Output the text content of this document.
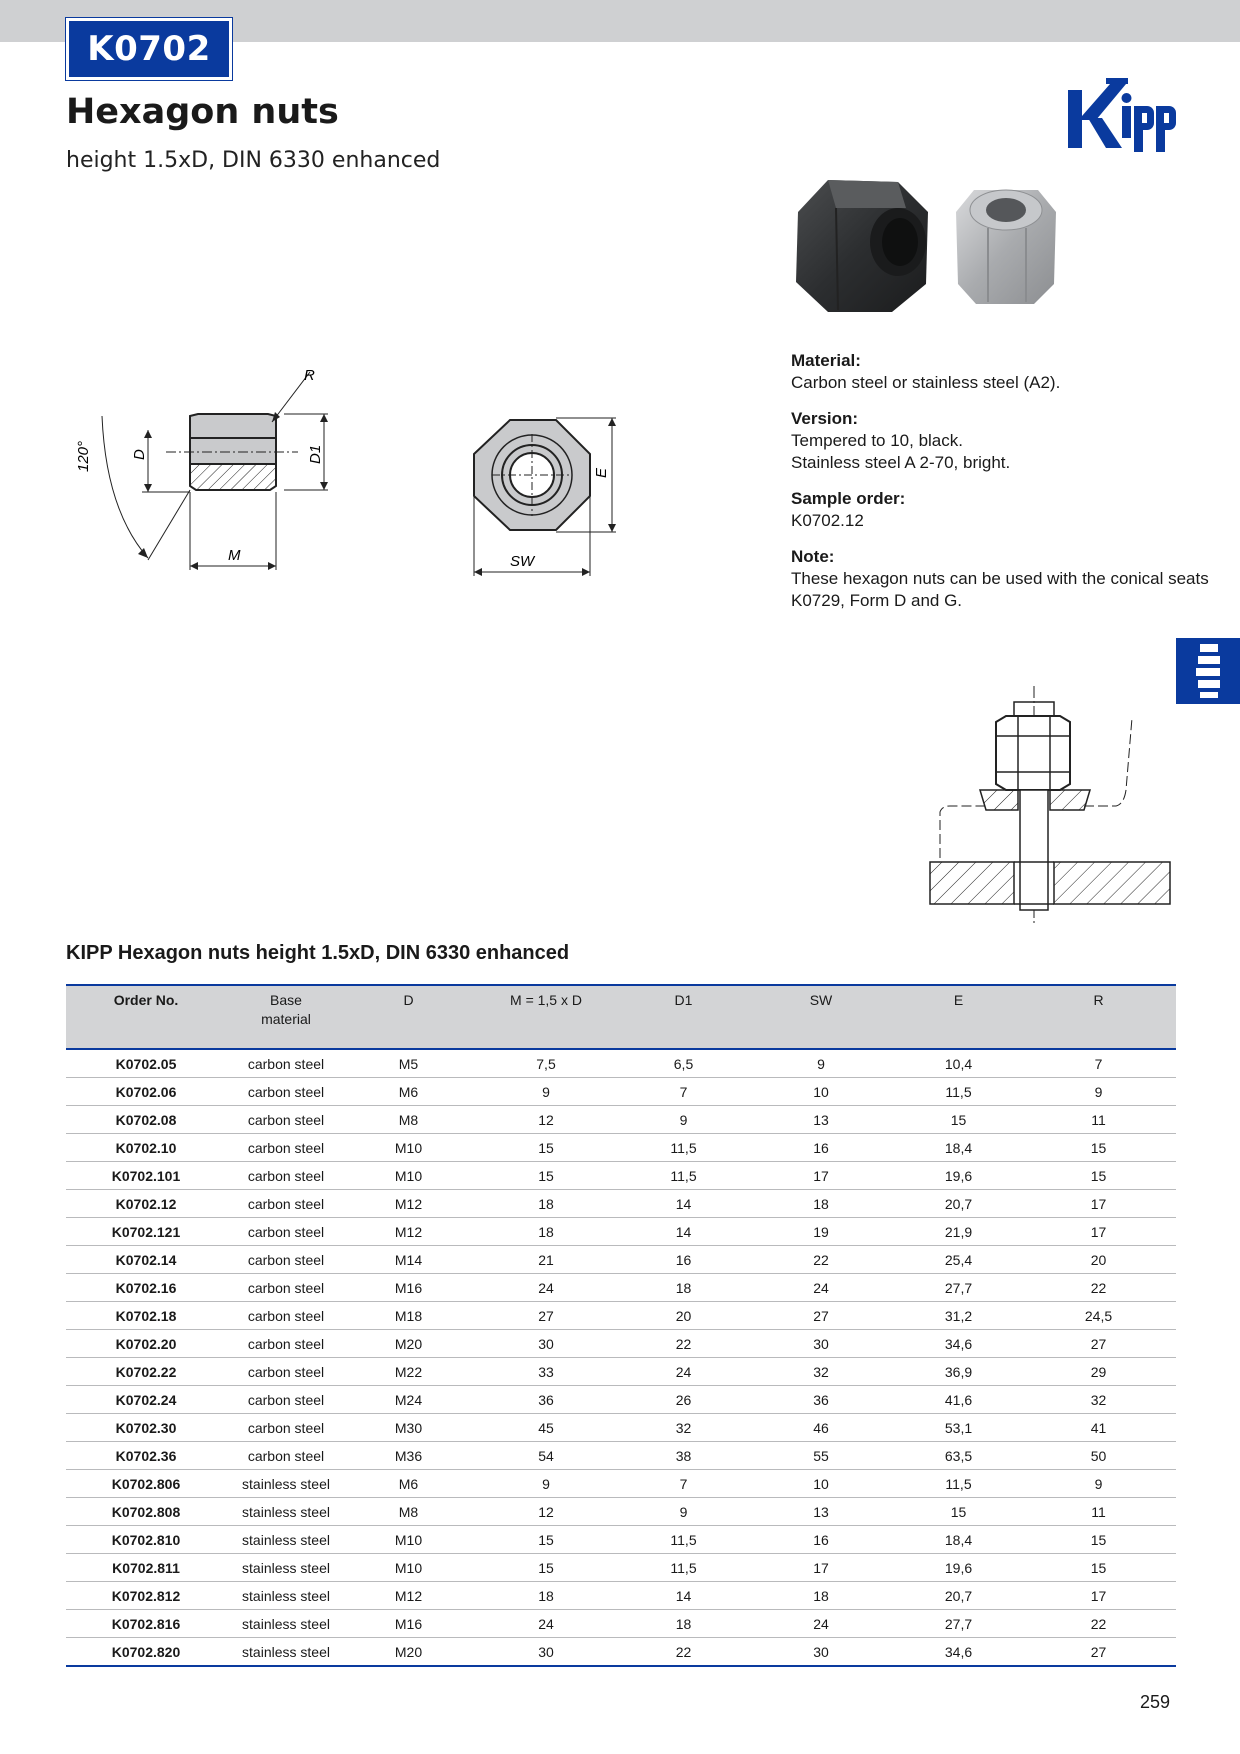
K0702
Hexagon nuts
height 1.5xD, DIN 6330 enhanced
Material:
Carbon steel or stainless steel (A2).
Version:
Tempered to 10, black.
Stainless steel A 2-70, bright.
Sample order:
K0702.12
Note:
These hexagon nuts can be used with the conical seats
K0729, Form D and G.
D	D1
M
R
120°
E
SW
KIPP Hexagon nuts height 1.5xD, DIN 6330 enhanced
Order No.	Base
material	D	M = 1,5 x D	D1	SW	E	R
K0702.05	carbon steel	M5	7,5	6,5	9	10,4	7
K0702.06	carbon steel	M6	9	7	10	11,5	9
K0702.08	carbon steel	M8	12	9	13	15	11
K0702.10	carbon steel	M10	15	11,5	16	18,4	15
K0702.101	carbon steel	M10	15	11,5	17	19,6	15
K0702.12	carbon steel	M12	18	14	18	20,7	17
K0702.121	carbon steel	M12	18	14	19	21,9	17
K0702.14	carbon steel	M14	21	16	22	25,4	20
K0702.16	carbon steel	M16	24	18	24	27,7	22
K0702.18	carbon steel	M18	27	20	27	31,2	24,5
K0702.20	carbon steel	M20	30	22	30	34,6	27
K0702.22	carbon steel	M22	33	24	32	36,9	29
K0702.24	carbon steel	M24	36	26	36	41,6	32
K0702.30	carbon steel	M30	45	32	46	53,1	41
K0702.36	carbon steel	M36	54	38	55	63,5	50
K0702.806	stainless steel	M6	9	7	10	11,5	9
K0702.808	stainless steel	M8	12	9	13	15	11
K0702.810	stainless steel	M10	15	11,5	16	18,4	15
K0702.811	stainless steel	M10	15	11,5	17	19,6	15
K0702.812	stainless steel	M12	18	14	18	20,7	17
K0702.816	stainless steel	M16	24	18	24	27,7	22
K0702.820	stainless steel	M20	30	22	30	34,6	27
259
